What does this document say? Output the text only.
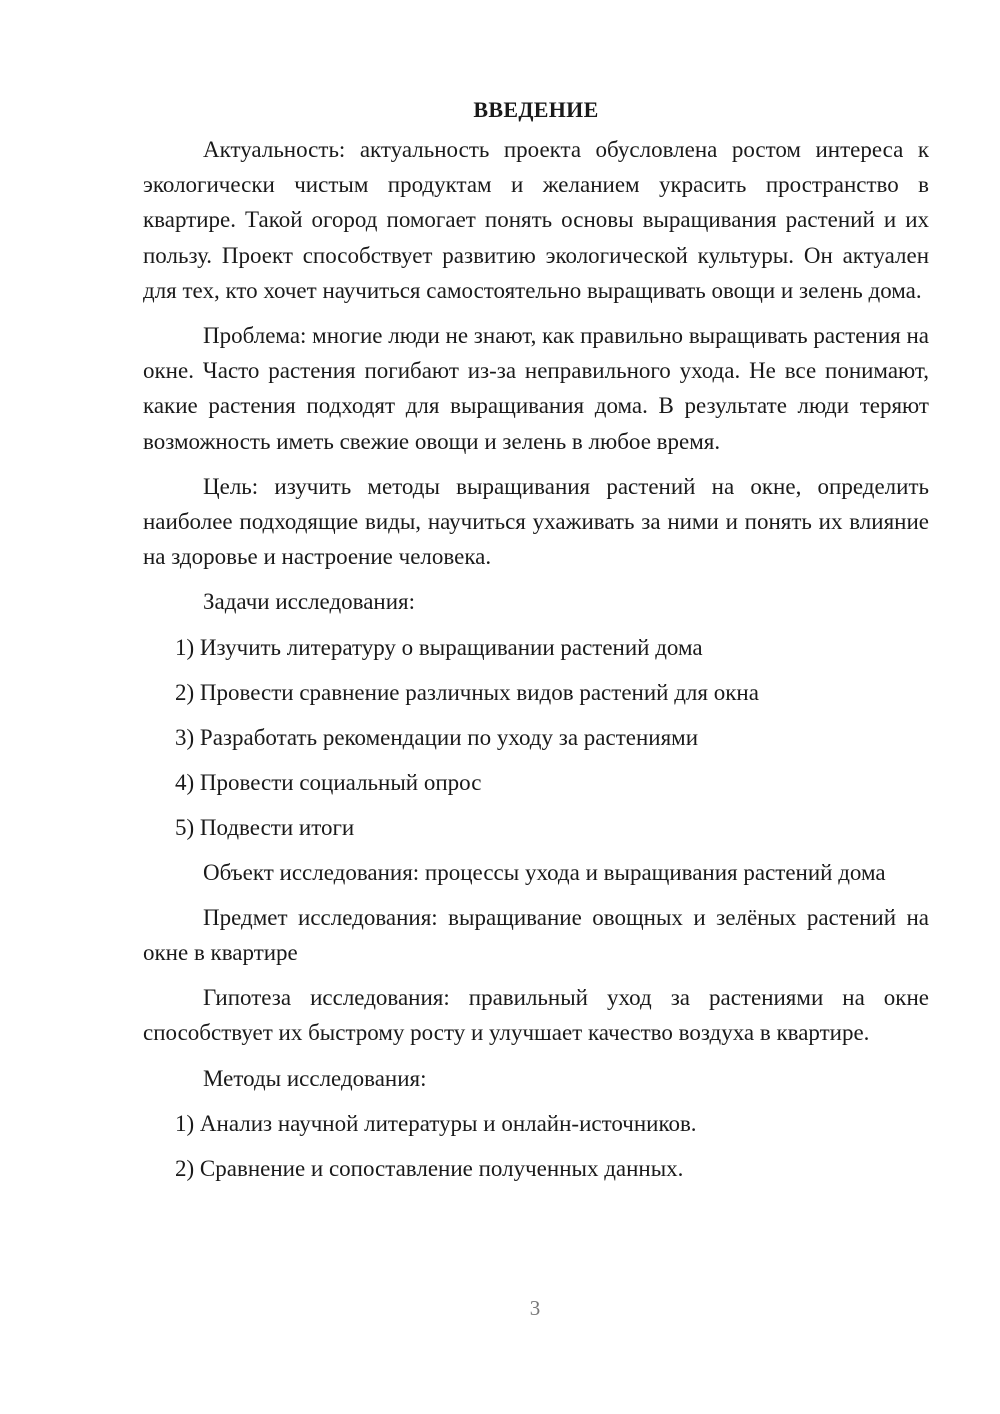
ВВЕДЕНИЕ

Актуальность: актуальность проекта обусловлена ростом интереса к экологически чистым продуктам и желанием украсить пространство в квартире. Такой огород помогает понять основы выращивания растений и их пользу. Проект способствует развитию экологической культуры. Он актуален для тех, кто хочет научиться самостоятельно выращивать овощи и зелень дома.

Проблема: многие люди не знают, как правильно выращивать растения на окне. Часто растения погибают из-за неправильного ухода. Не все понимают, какие растения подходят для выращивания дома. В результате люди теряют возможность иметь свежие овощи и зелень в любое время.

Цель: изучить методы выращивания растений на окне, определить наиболее подходящие виды, научиться ухаживать за ними и понять их влияние на здоровье и настроение человека.

Задачи исследования:

1) Изучить литературу о выращивании растений дома
2) Провести сравнение различных видов растений для окна
3) Разработать рекомендации по уходу за растениями
4) Провести социальный опрос
5) Подвести итоги

Объект исследования: процессы ухода и выращивания растений дома

Предмет исследования: выращивание овощных и зелёных растений на окне в квартире

Гипотеза исследования: правильный уход за растениями на окне способствует их быстрому росту и улучшает качество воздуха в квартире.

Методы исследования:

1) Анализ научной литературы и онлайн-источников.
2) Сравнение и сопоставление полученных данных.
3
